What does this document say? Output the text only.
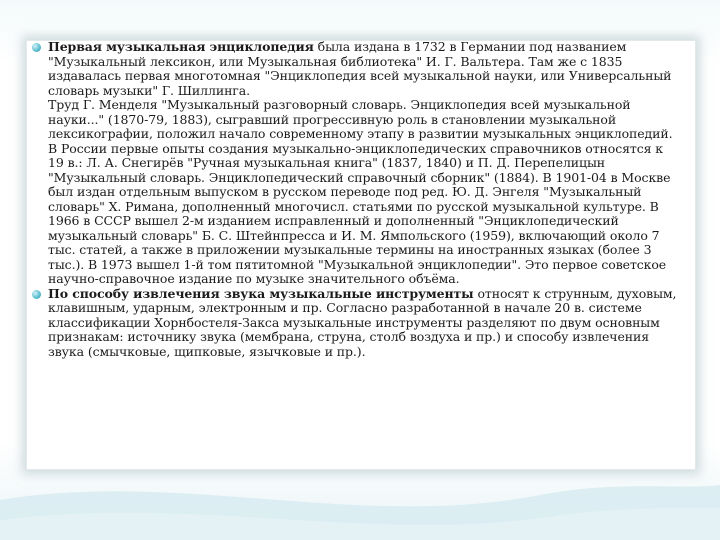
Первая музыкальная энциклопедия была издана в 1732 в Германии под названием "Музыкальный лексикон, или Музыкальная библиотека" И. Г. Вальтера. Там же с 1835 издавалась первая многотомная "Энциклопедия всей музыкальной науки, или Универсальный словарь музыки" Г. Шиллинга.

Труд Г. Менделя "Музыкальный разговорный словарь. Энциклопедия всей музыкальной науки..." (1870-79, 1883), сыгравший прогрессивную роль в становлении музыкальной лексикографии, положил начало современному этапу в развитии музыкальных энциклопедий.

В России первые опыты создания музыкально-энциклопедических справочников относятся к 19 в.: Л. А. Снегирёв "Ручная музыкальная книга" (1837, 1840) и П. Д. Перепелицын "Музыкальный словарь. Энциклопедический справочный сборник" (1884). В 1901-04 в Москве был издан отдельным выпуском в русском переводе под ред. Ю. Д. Энгеля "Музыкальный словарь" Х. Римана, дополненный многочисл. статьями по русской музыкальной культуре. В 1966 в СССР вышел 2-м изданием исправленный и дополненный "Энциклопедический музыкальный словарь" Б. С. Штейнпресса и И. М. Ямпольского (1959), включающий около 7 тыс. статей, а также в приложении музыкальные термины на иностранных языках (более 3 тыс.). В 1973 вышел 1-й том пятитомной "Музыкальной энциклопедии". Это первое советское научно-справочное издание по музыке значительного объёма.

По способу извлечения звука музыкальные инструменты относят к струнным, духовым, клавишным, ударным, электронным и пр. Согласно разработанной в начале 20 в. системе классификации Хорнбостеля-Закса музыкальные инструменты разделяют по двум основным признакам: источнику звука (мембрана, струна, столб воздуха и пр.) и способу извлечения звука (смычковые, щипковые, язычковые и пр.).
